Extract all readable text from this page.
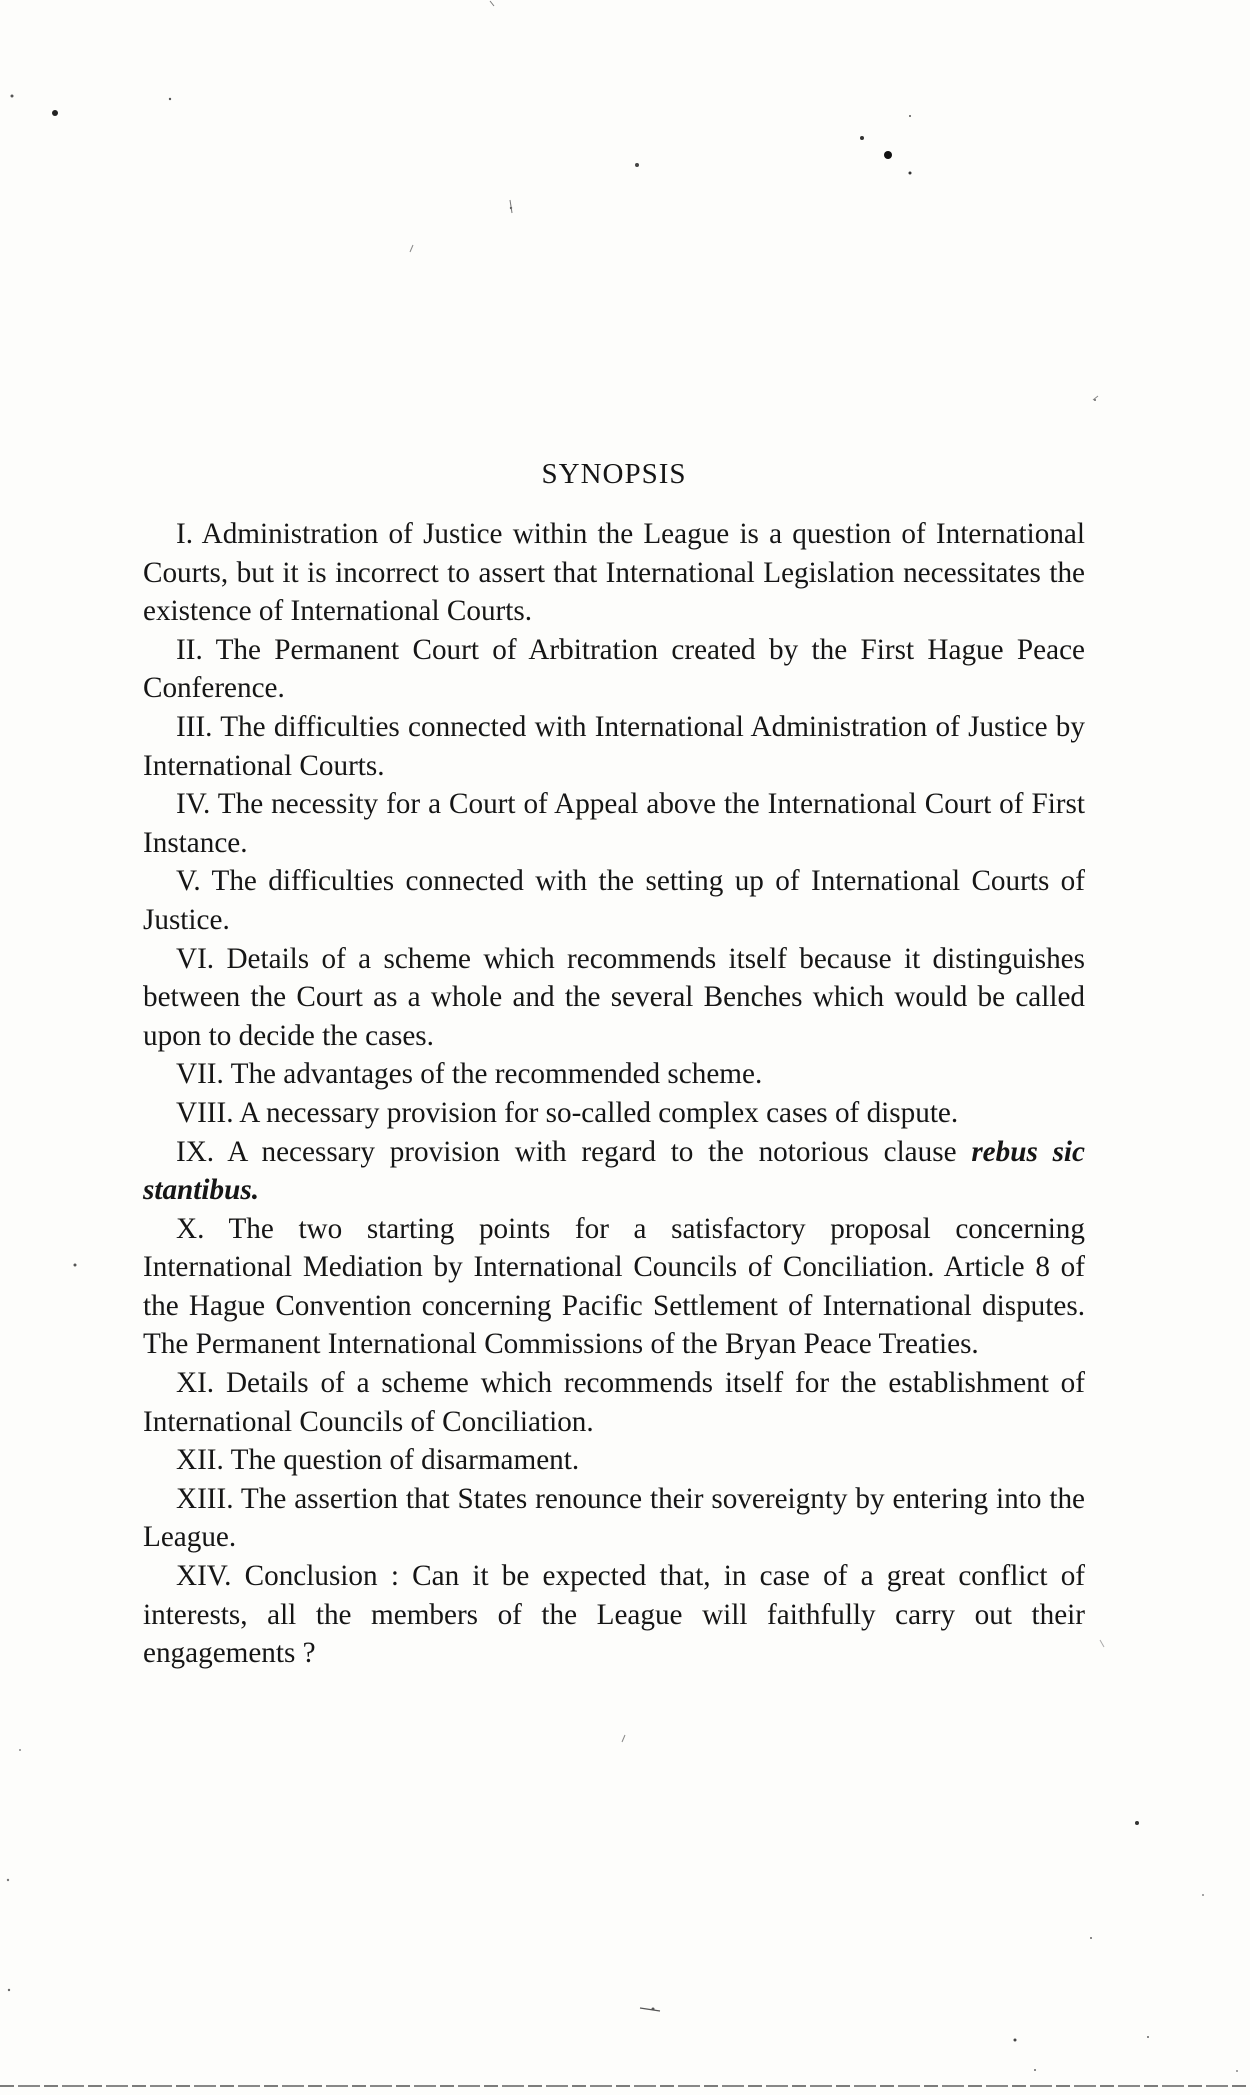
SYNOPSIS

I. Administration of Justice within the League is a question of International Courts, but it is incorrect to assert that International Legislation necessitates the existence of International Courts.

II. The Permanent Court of Arbitration created by the First Hague Peace Conference.

III. The difficulties connected with International Administration of Justice by International Courts.

IV. The necessity for a Court of Appeal above the International Court of First Instance.

V. The difficulties connected with the setting up of International Courts of Justice.

VI. Details of a scheme which recommends itself because it distinguishes between the Court as a whole and the several Benches which would be called upon to decide the cases.

VII. The advantages of the recommended scheme.

VIII. A necessary provision for so-called complex cases of dispute.

IX. A necessary provision with regard to the notorious clause rebus sic stantibus.

X. The two starting points for a satisfactory proposal concerning International Mediation by International Councils of Conciliation. Article 8 of the Hague Convention concerning Pacific Settlement of International disputes. The Permanent International Commissions of the Bryan Peace Treaties.

XI. Details of a scheme which recommends itself for the establishment of International Councils of Conciliation.

XII. The question of disarmament.

XIII. The assertion that States renounce their sovereignty by entering into the League.

XIV. Conclusion : Can it be expected that, in case of a great conflict of interests, all the members of the League will faithfully carry out their engagements ?
